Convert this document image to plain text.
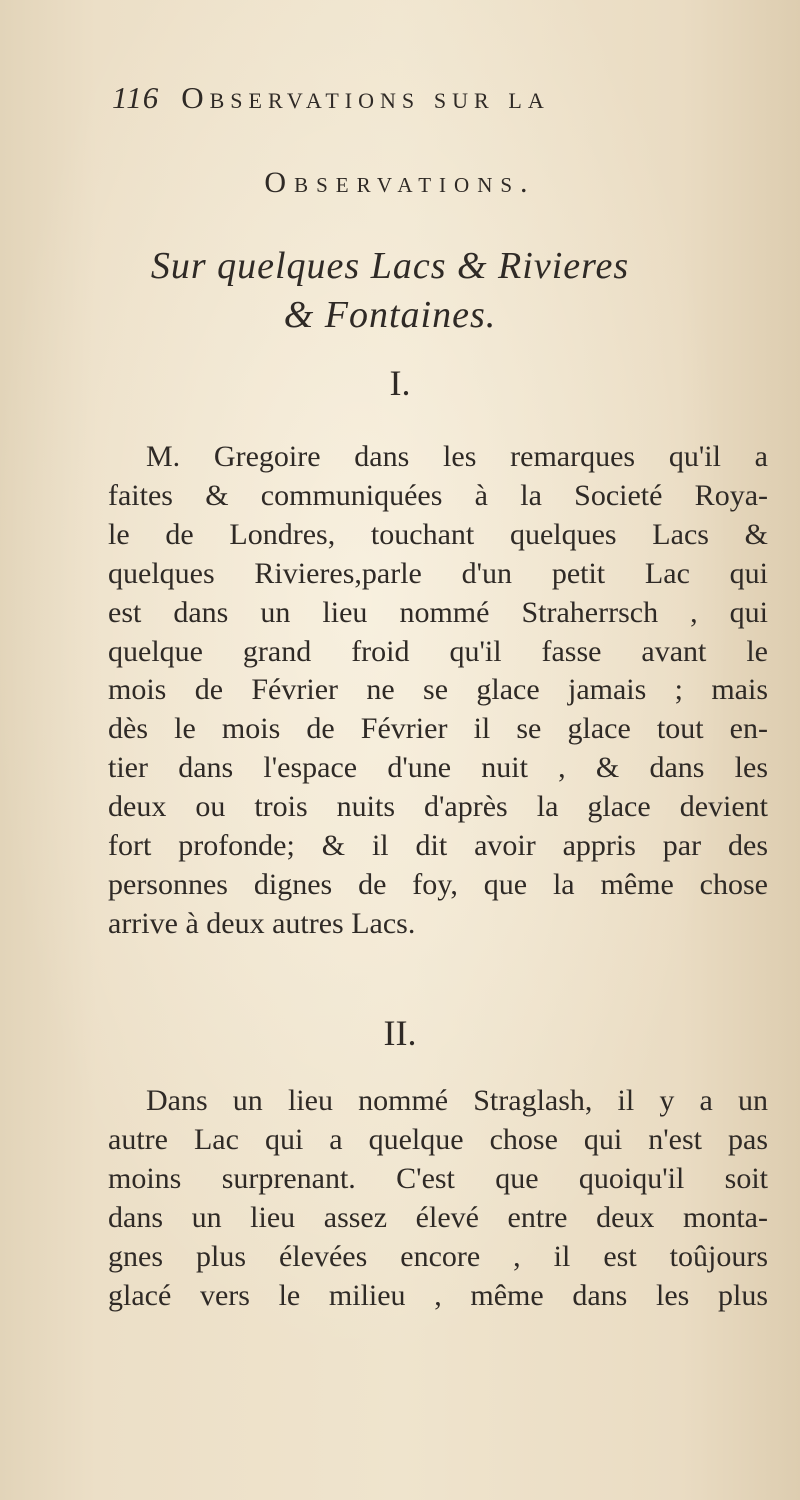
116 Observations sur la
Observations.
Sur quelques Lacs & Rivieres
& Fontaines.
I.
M. Gregoire dans les remarques qu'il a
faites & communiquées à la Societé Roya-
le de Londres, touchant quelques Lacs &
quelques Rivieres,parle d'un petit Lac qui
est dans un lieu nommé Straherrsch , qui
quelque grand froid qu'il fasse avant le
mois de Février ne se glace jamais ; mais
dès le mois de Février il se glace tout en-
tier dans l'espace d'une nuit , & dans les
deux ou trois nuits d'après la glace devient
fort profonde; & il dit avoir appris par des
personnes dignes de foy, que la même chose
arrive à deux autres Lacs.
II.
Dans un lieu nommé Straglash, il y a un
autre Lac qui a quelque chose qui n'est pas
moins surprenant. C'est que quoiqu'il soit
dans un lieu assez élevé entre deux monta-
gnes plus élevées encore , il est toûjours
glacé vers le milieu , même dans les plus
